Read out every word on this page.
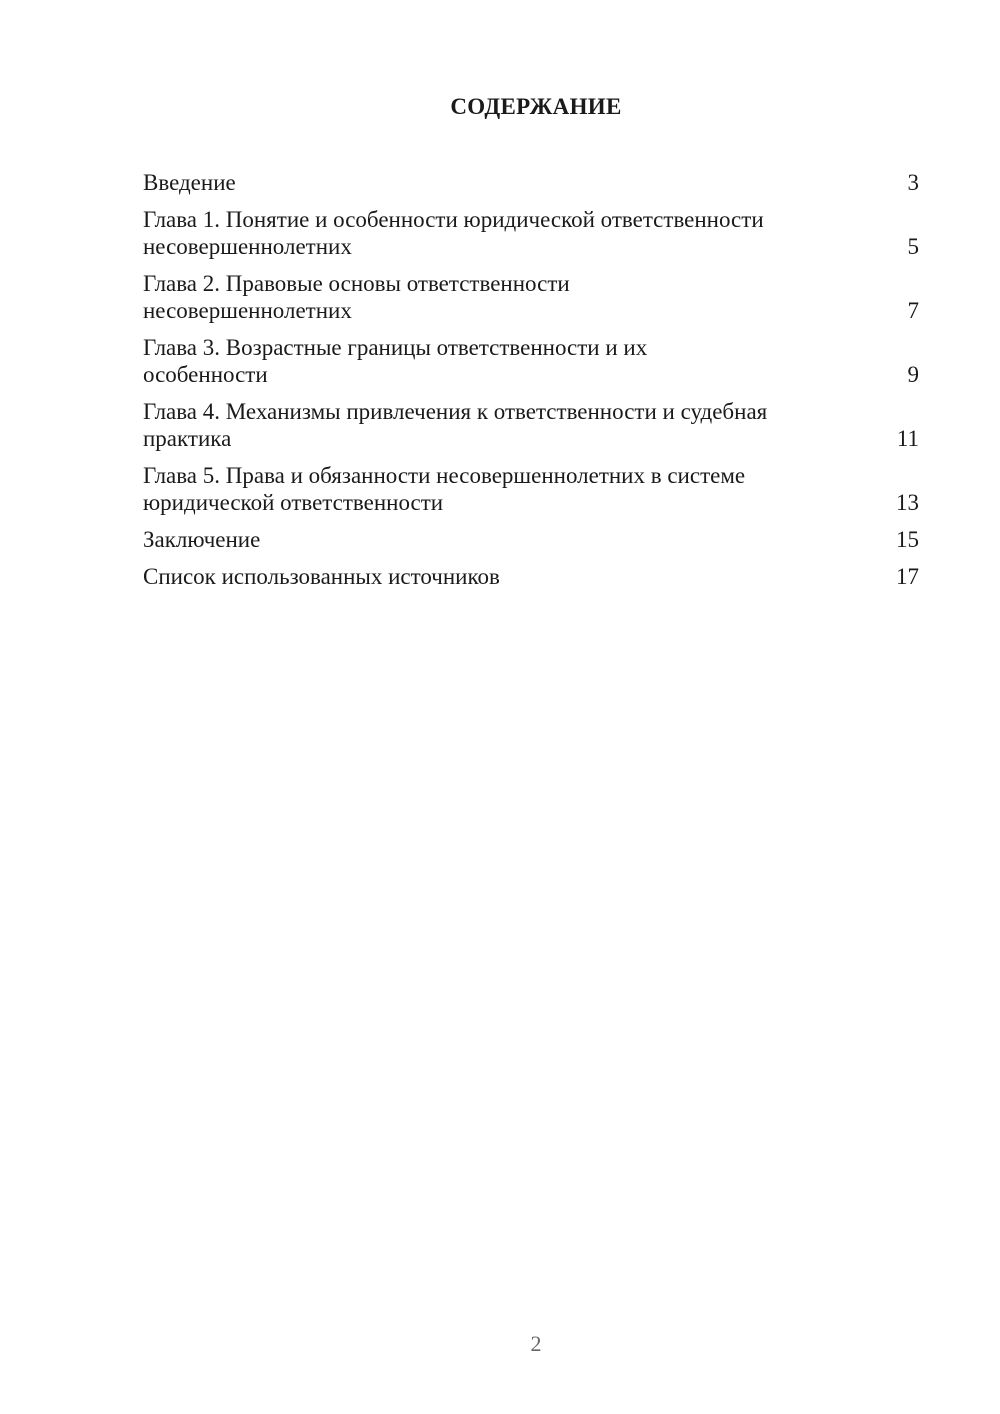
СОДЕРЖАНИЕ
Введение	3
Глава 1. Понятие и особенности юридической ответственности несовершеннолетних	5
Глава 2. Правовые основы ответственности несовершеннолетних	7
Глава 3. Возрастные границы ответственности и их особенности	9
Глава 4. Механизмы привлечения к ответственности и судебная практика	11
Глава 5. Права и обязанности несовершеннолетних в системе юридической ответственности	13
Заключение	15
Список использованных источников	17
2
